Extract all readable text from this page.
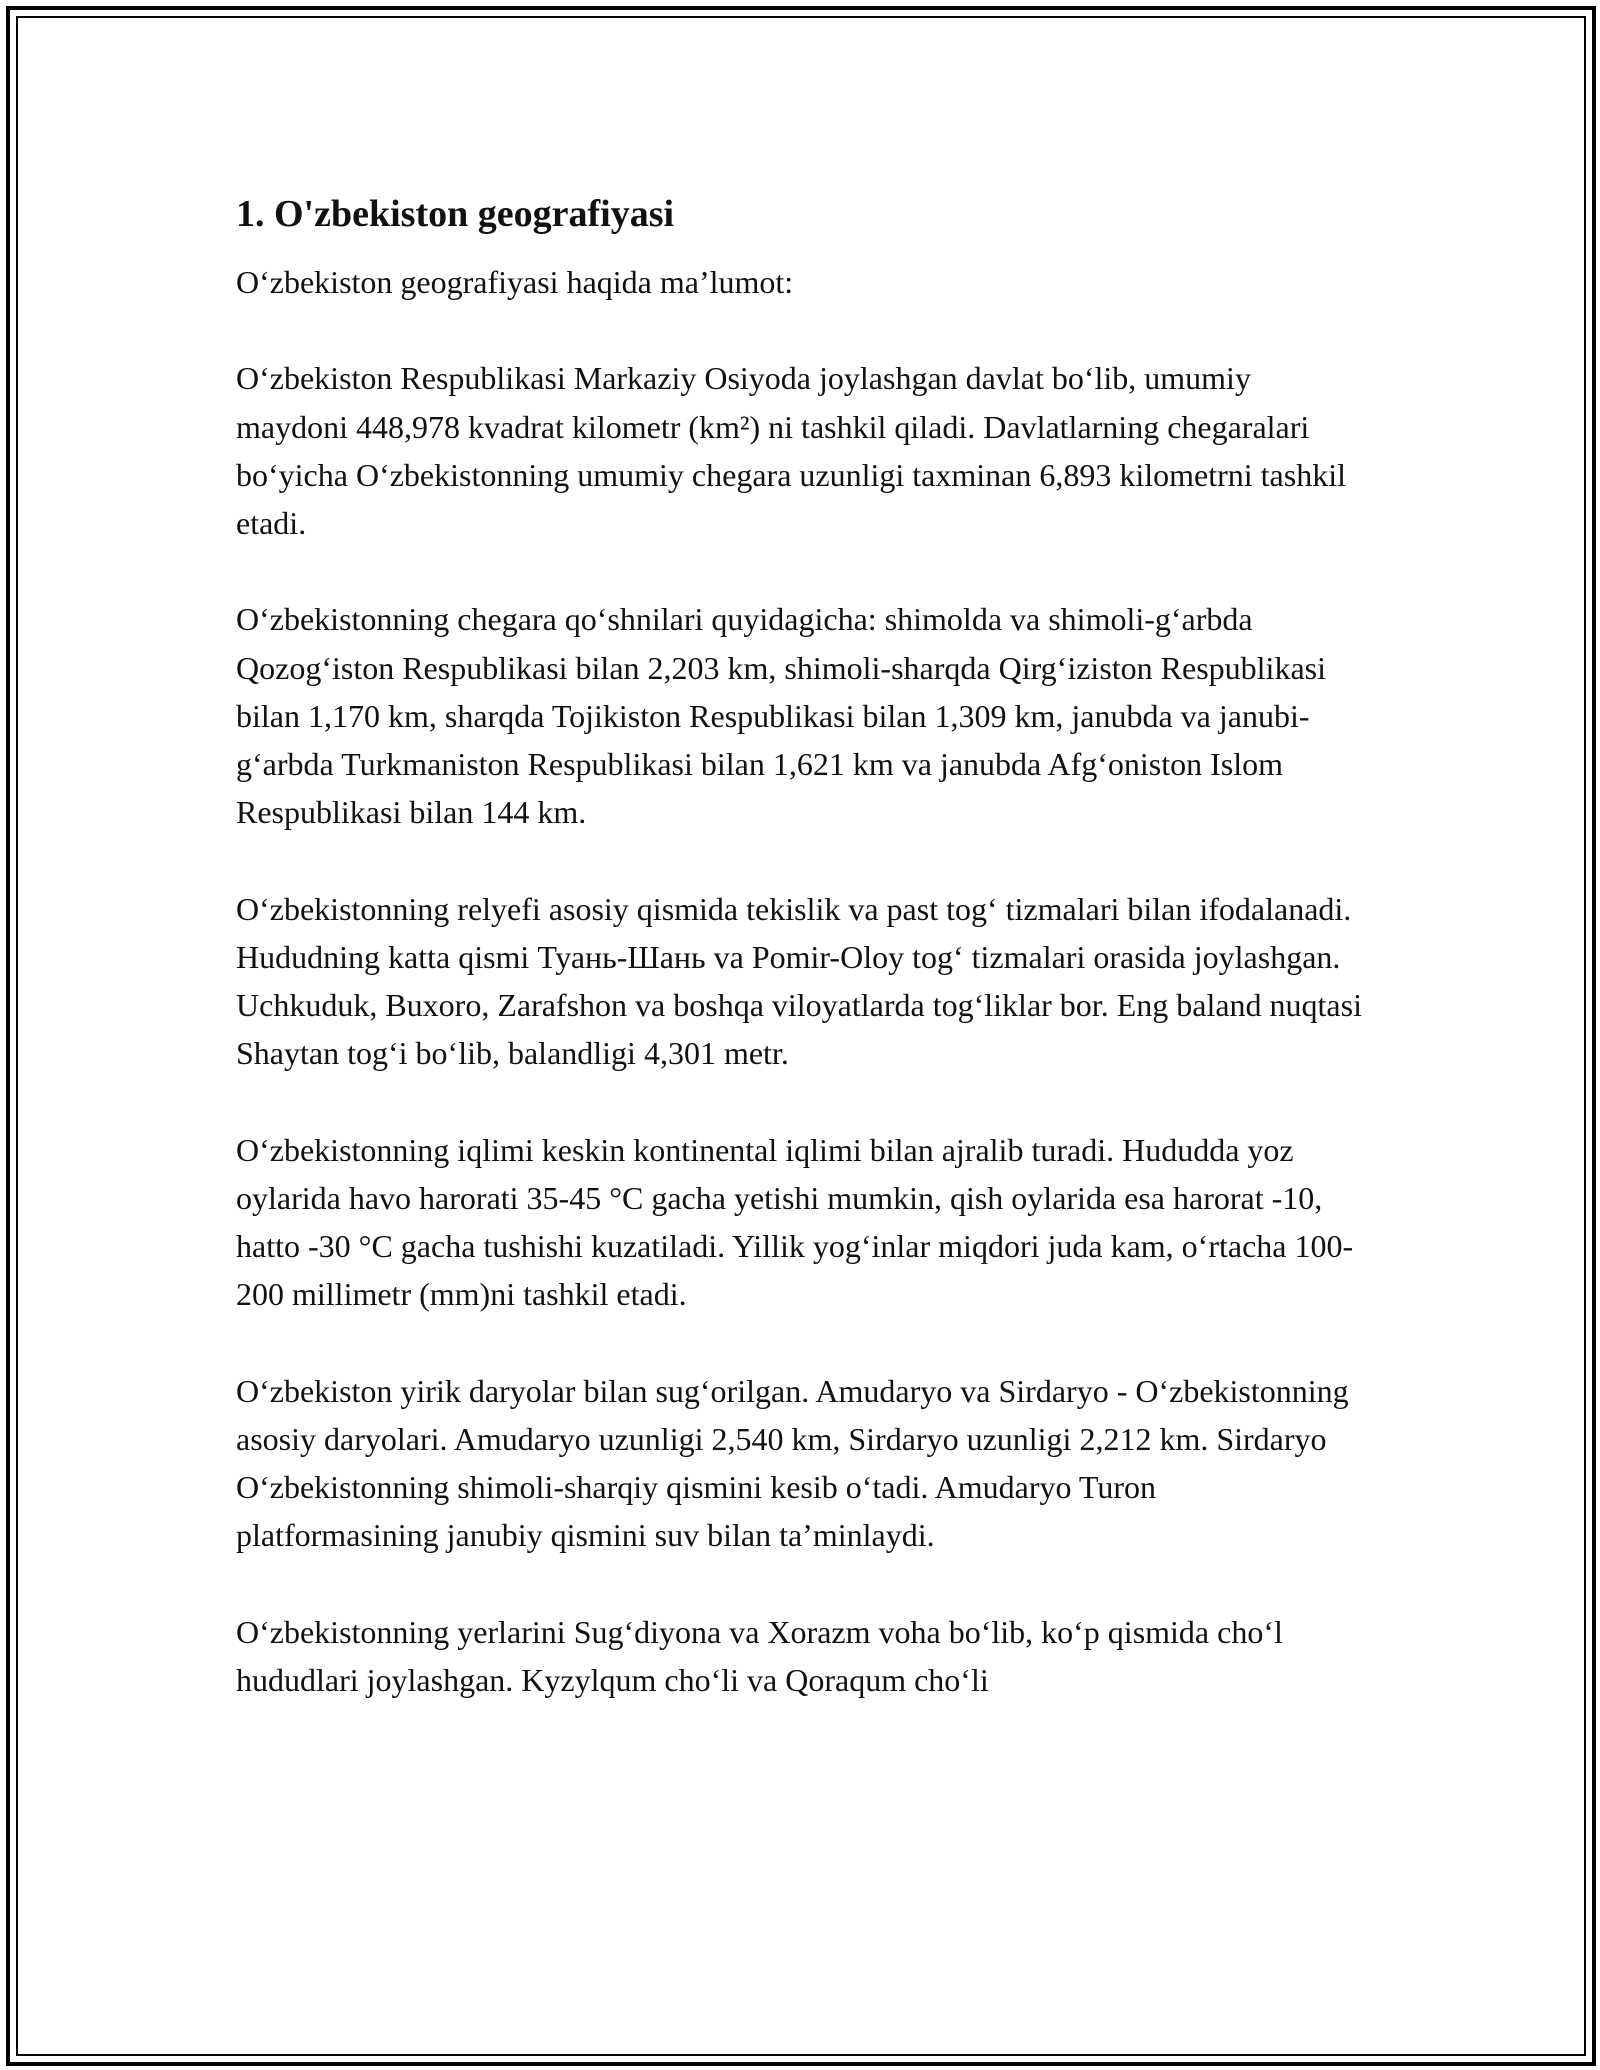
1. O'zbekiston geografiyasi

O‘zbekiston geografiyasi haqida ma’lumot:

O‘zbekiston Respublikasi Markaziy Osiyoda joylashgan davlat bo‘lib, umumiy maydoni 448,978 kvadrat kilometr (km²) ni tashkil qiladi. Davlatlarning chegaralari bo‘yicha O‘zbekistonning umumiy chegara uzunligi taxminan 6,893 kilometrni tashkil etadi.

O‘zbekistonning chegara qo‘shnilari quyidagicha: shimolda va shimoli-g‘arbda Qozog‘iston Respublikasi bilan 2,203 km, shimoli-sharqda Qirg‘iziston Respublikasi bilan 1,170 km, sharqda Tojikiston Respublikasi bilan 1,309 km, janubda va janubi-g‘arbda Turkmaniston Respublikasi bilan 1,621 km va janubda Afg‘oniston Islom Respublikasi bilan 144 km.

O‘zbekistonning relyefi asosiy qismida tekislik va past tog‘ tizmalari bilan ifodalanadi. Hududning katta qismi Туань-Шань va Pomir-Oloy tog‘ tizmalari orasida joylashgan. Uchkuduk, Buxoro, Zarafshon va boshqa viloyatlarda tog‘liklar bor. Eng baland nuqtasi Shaytan tog‘i bo‘lib, balandligi 4,301 metr.

O‘zbekistonning iqlimi keskin kontinental iqlimi bilan ajralib turadi. Hududda yoz oylarida havo harorati 35-45 °C gacha yetishi mumkin, qish oylarida esa harorat -10, hatto -30 °C gacha tushishi kuzatiladi. Yillik yog‘inlar miqdori juda kam, o‘rtacha 100-200 millimetr (mm)ni tashkil etadi.

O‘zbekiston yirik daryolar bilan sug‘orilgan. Amudaryo va Sirdaryo - O‘zbekistonning asosiy daryolari. Amudaryo uzunligi 2,540 km, Sirdaryo uzunligi 2,212 km. Sirdaryo O‘zbekistonning shimoli-sharqiy qismini kesib o‘tadi. Amudaryo Turon platformasining janubiy qismini suv bilan ta’minlaydi.

O‘zbekistonning yerlarini Sug‘diyona va Xorazm voha bo‘lib, ko‘p qismida cho‘l hududlari joylashgan. Kyzylqum cho‘li va Qoraqum cho‘li
